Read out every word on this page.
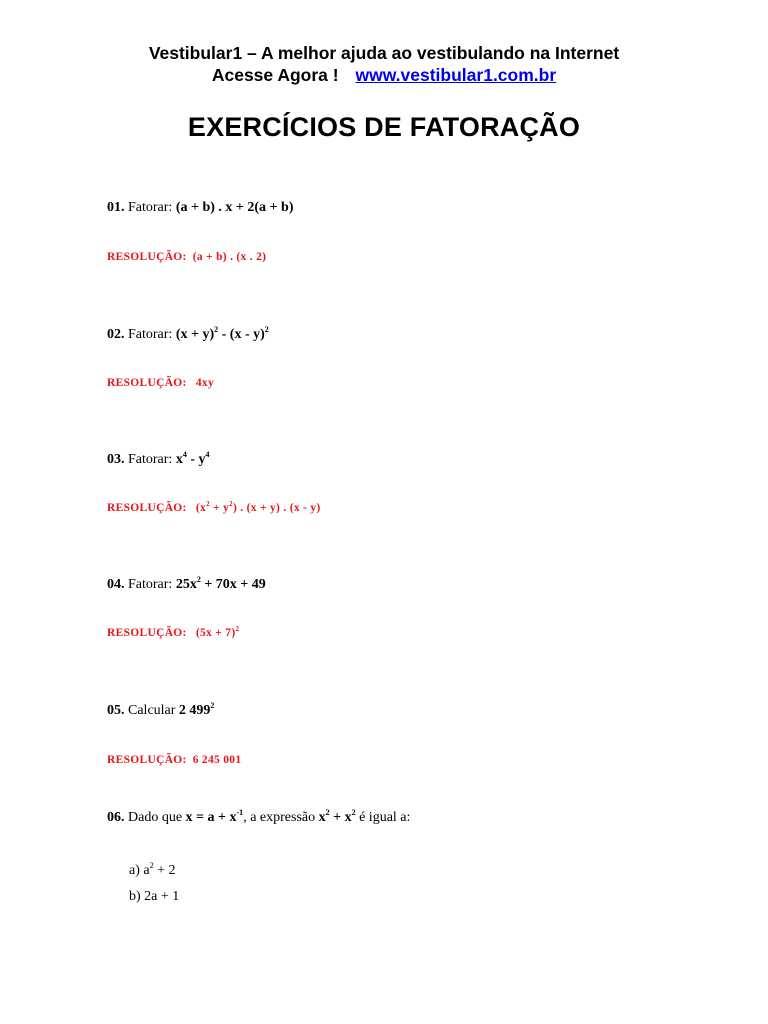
Vestibular1 – A melhor ajuda ao vestibulando na Internet
Acesse Agora ! www.vestibular1.com.br
EXERCÍCIOS DE FATORAÇÃO
01. Fatorar: (a + b) . x + 2(a + b)
RESOLUÇÃO: (a + b) . (x . 2)
02. Fatorar: $(x + y)^2 - (x - y)^2$
RESOLUÇÃO: 4xy
03. Fatorar: $x^4 - y^4$
RESOLUÇÃO: $(x^2 + y^2)$ . (x + y) . (x - y)
04. Fatorar: $25x^2 + 70x + 49$
RESOLUÇÃO: $(5x + 7)^2$
05. Calcular 2 $499^2$
RESOLUÇÃO: 6 245 001
06. Dado que $x = a + x^{-1}$, a expressão $x^2 + x^2$ é igual a:
a) $a^2 + 2$
b) 2a + 1
